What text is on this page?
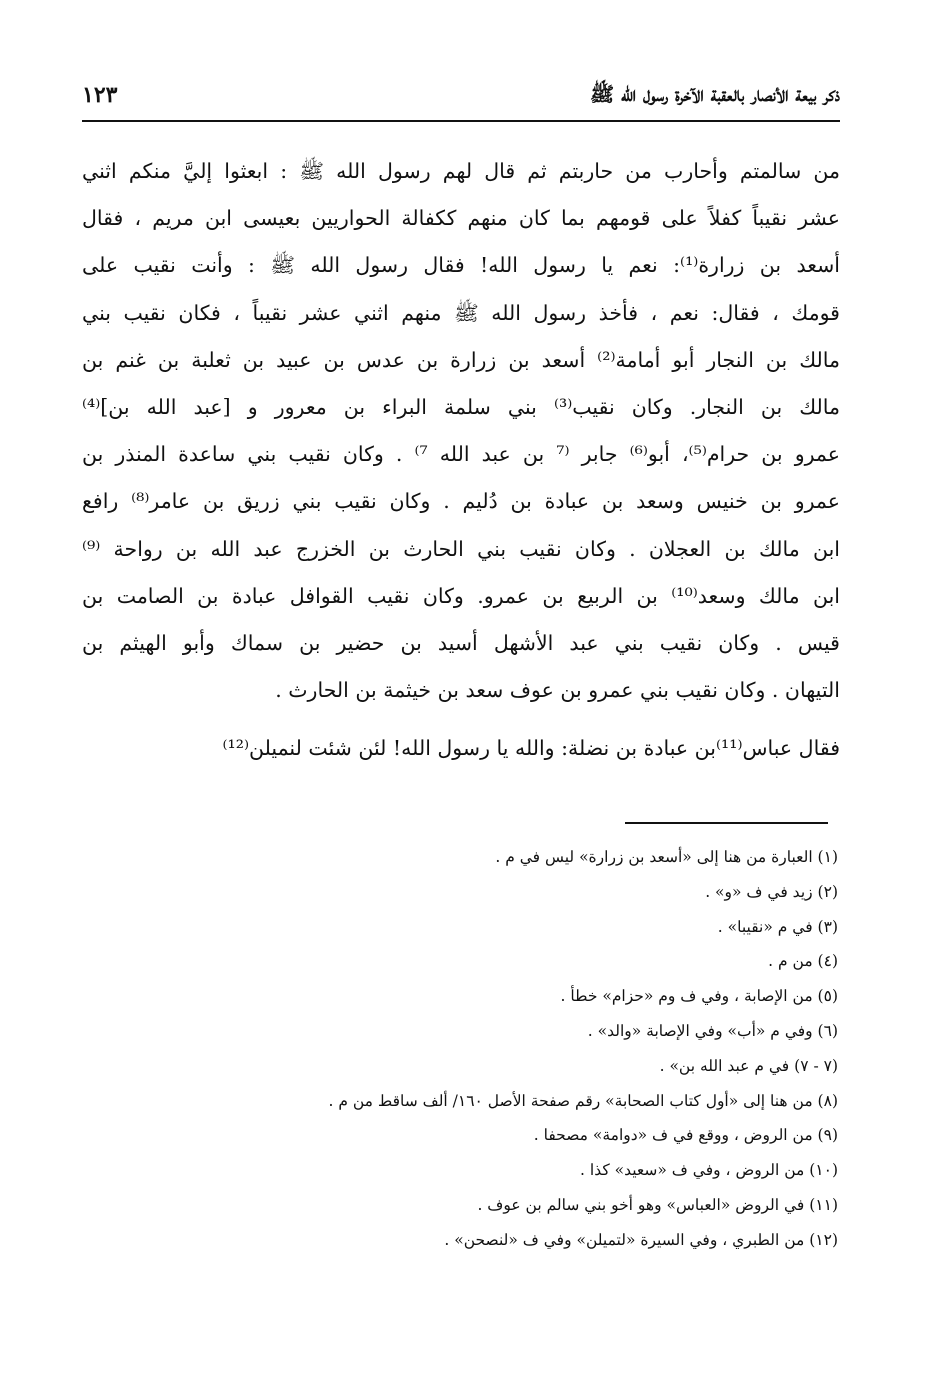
ذكر بيعة الأنصار بالعقبة الآخرة رسول الله ﷺ
١٢٣
من سالمتم وأحارب من حاربتم ثم قال لهم رسول الله ﷺ : ابعثوا إليَّ منكم اثني
عشر نقيباً كفلاً على قومهم بما كان منهم ككفالة الحواريين بعيسى ابن مريم ، فقال
أسعد بن زرارة⁽¹⁾: نعم يا رسول الله! فقال رسول الله ﷺ : وأنت نقيب على
قومك ، فقال: نعم ، فأخذ رسول الله ﷺ منهم اثني عشر نقيباً ، فكان نقيب بني
مالك بن النجار أبو أمامة⁽²⁾ أسعد بن زرارة بن عدس بن عبيد بن ثعلبة بن غنم بن
مالك بن النجار. وكان نقيب⁽³⁾ بني سلمة البراء بن معرور و [عبد الله بن]⁽⁴⁾
عمرو بن حرام⁽⁵⁾، أبو⁽⁶⁾ جابر ⁽⁷ بن عبد الله ⁷⁾ . وكان نقيب بني ساعدة المنذر بن
عمرو بن خنيس وسعد بن عبادة بن دُليم . وكان نقيب بني زريق بن عامر⁽⁸⁾ رافع
ابن مالك بن العجلان . وكان نقيب بني الحارث بن الخزرج عبد الله بن رواحة ⁽⁹⁾
ابن مالك وسعد⁽¹⁰⁾ بن الربيع بن عمرو. وكان نقيب القوافل عبادة بن الصامت بن
قيس . وكان نقيب بني عبد الأشهل أسيد بن حضير بن سماك وأبو الهيثم بن
التيهان . وكان نقيب بني عمرو بن عوف سعد بن خيثمة بن الحارث .
فقال عباس⁽¹¹⁾بن عبادة بن نضلة: والله يا رسول الله! لئن شئت لنميلن⁽¹²⁾
(١) العبارة من هنا إلى «أسعد بن زرارة» ليس في م .
(٢) زيد في ف «و» .
(٣) في م «نقيبا» .
(٤) من م .
(٥) من الإصابة ، وفي ف وم «حزام» خطأ .
(٦) وفي م «أب» وفي الإصابة «والد» .
(٧ - ٧) في م عبد الله بن» .
(٨) من هنا إلى «أول كتاب الصحابة» رقم صفحة الأصل ١٦٠/ ألف ساقط من م .
(٩) من الروض ، ووقع في ف «دوامة» مصحفا .
(١٠) من الروض ، وفي ف «سعيد» كذا .
(١١) في الروض «العباس» وهو أخو بني سالم بن عوف .
(١٢) من الطبري ، وفي السيرة «لتميلن» وفي ف «لنصحن» .
